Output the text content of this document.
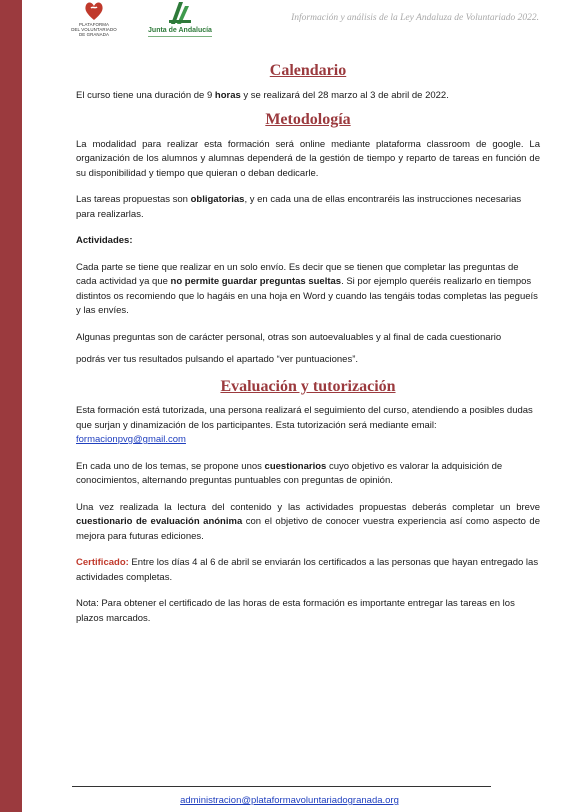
PLATAFORMA
DEL VOLUNTARIADO
DE GRANADA
Junta de Andalucía
Información y análisis de la Ley Andaluza de Voluntariado 2022.
Calendario

El curso tiene una duración de 9 horas y se realizará del 28 marzo al 3 de abril de 2022.

Metodología

La modalidad para realizar esta formación será online mediante plataforma classroom de google. La organización de los alumnos y alumnas dependerá de la gestión de tiempo y reparto de tareas en función de su disponibilidad y tiempo que quieran o deban dedicarle.

Las tareas propuestas son obligatorias, y en cada una de ellas encontraréis las instrucciones necesarias para realizarlas.

Actividades:

Cada parte se tiene que realizar en un solo envío. Es decir que se tienen que completar las preguntas de cada actividad ya que no permite guardar preguntas sueltas. Si por ejemplo queréis realizarlo en tiempos distintos os recomiendo que lo hagáis en una hoja en Word y cuando las tengáis todas completas las pegueís y las envíes.

Algunas preguntas son de carácter personal, otras son autoevaluables y al final de cada cuestionario
podrás ver tus resultados pulsando el apartado “ver puntuaciones”.

Evaluación y tutorización

Esta formación está tutorizada, una persona realizará el seguimiento del curso, atendiendo a posibles dudas que surjan y dinamización de los participantes. Esta tutorización será mediante email:

formacionpvg@gmail.com

En cada uno de los temas, se propone unos cuestionarios cuyo objetivo es valorar la adquisición de conocimientos, alternando preguntas puntuables con preguntas de opinión.

Una vez realizada la lectura del contenido y las actividades propuestas deberás completar un breve cuestionario de evaluación anónima con el objetivo de conocer vuestra experiencia así como aspecto de mejora para futuras ediciones.

Certificado: Entre los días 4 al 6 de abril se enviarán los certificados a las personas que hayan entregado las actividades completas.

Nota: Para obtener el certificado de las horas de esta formación es importante entregar las tareas en los plazos marcados.

administracion@plataformavoluntariadogranada.org
